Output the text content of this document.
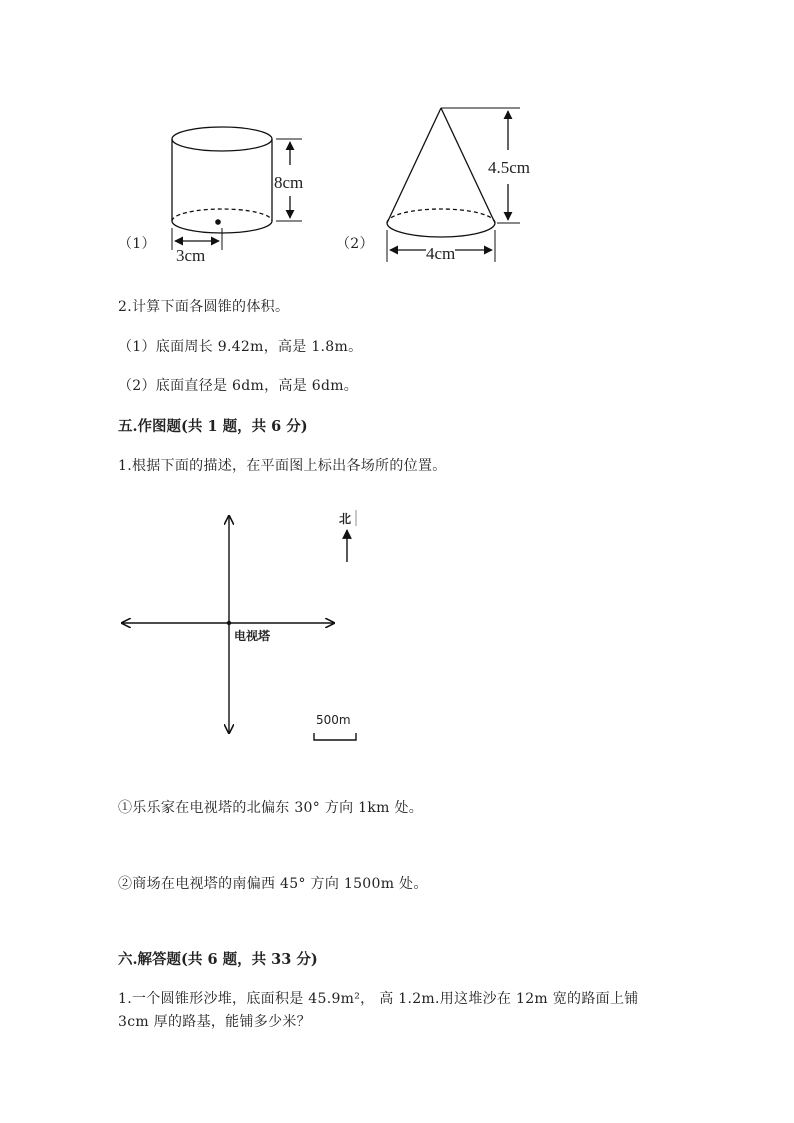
（1）
8cm
3cm
（2）
4.5cm
4cm
2.计算下面各圆锥的体积。
（1）底面周长 9.42m，高是 1.8m。
（2）底面直径是 6dm，高是 6dm。
五.作图题(共 1 题，共 6 分)
1.根据下面的描述，在平面图上标出各场所的位置。
电视塔
北
500m
①乐乐家在电视塔的北偏东 30° 方向 1km 处。
②商场在电视塔的南偏西 45° 方向 1500m 处。
六.解答题(共 6 题，共 33 分)
1.一个圆锥形沙堆，底面积是 45.9m²， 高 1.2m.用这堆沙在 12m 宽的路面上铺
3cm 厚的路基，能铺多少米？
